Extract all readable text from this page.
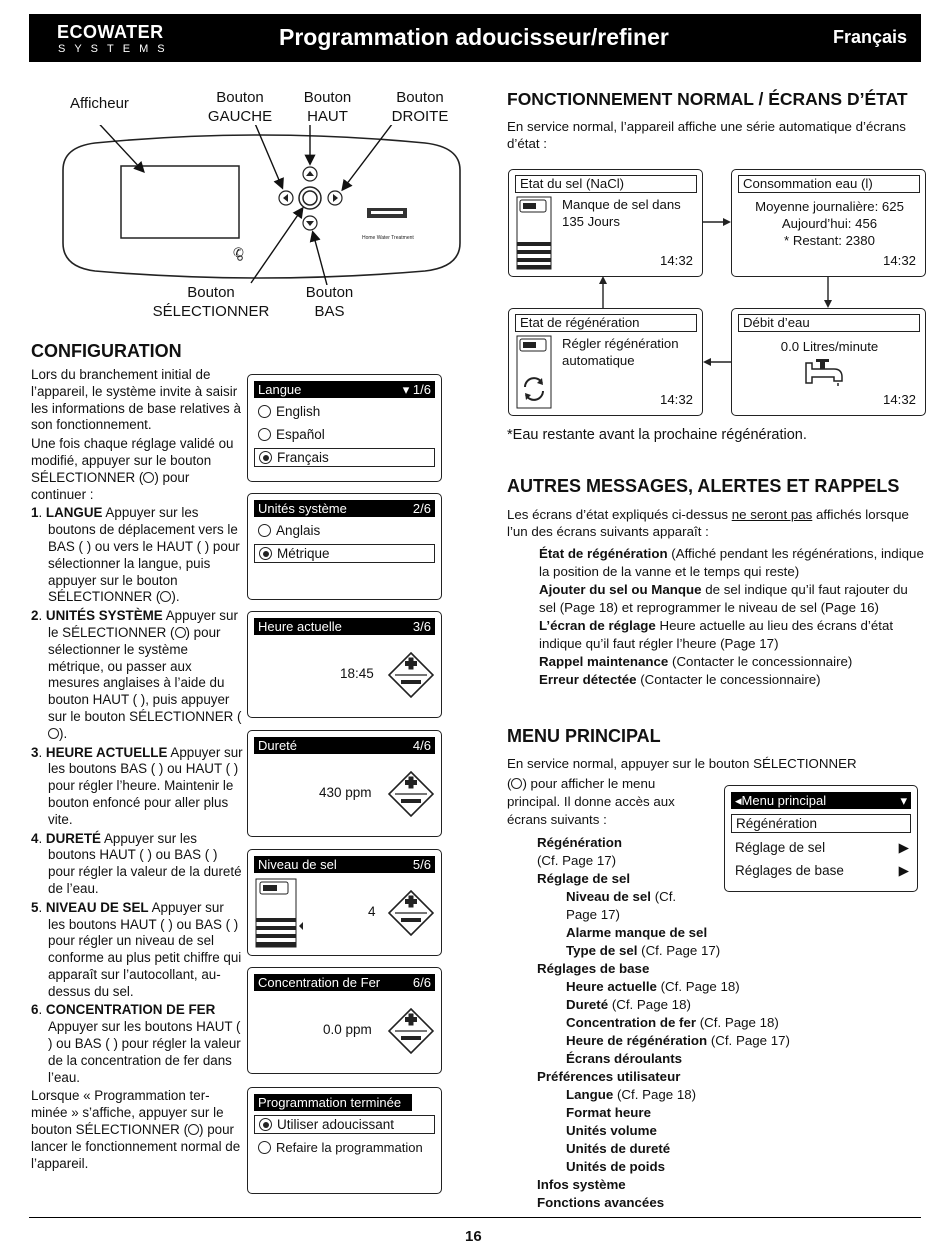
ECOWATER
SYSTEMS	Programmation adoucisseur/refiner	Français
Afficheur	Bouton
GAUCHE
Bouton
HAUT
Bouton
DROITE
Bouton
SÉLECTIONNER
Bouton
BAS
Home Water Treatment
✆
CONFIGURATION

Lors du branchement initial de l’appareil, le système invite à saisir les informations de base relatives à son fonctionnement.

Une fois chaque réglage validé ou modifié, appuyer sur le bouton SÉLECTIONNER ( ) pour continuer :

1. LANGUE Appuyer sur les boutons de déplacement vers le BAS ( ) ou vers le HAUT ( ) pour sélectionner la langue, puis appuyer sur le bouton SÉLECTIONNER ( ).

2. UNITÉS SYSTÈME Appuyer sur le SÉLECTIONNER ( ) pour sélectionner le système métrique, ou passer aux mesures anglaises à l’aide du bouton HAUT ( ), puis appuyer sur le bouton SÉLECTIONNER ().

3. HEURE ACTUELLE Appuyer sur les boutons BAS ( ) ou HAUT ( ) pour régler l’heure. Maintenir le bouton enfoncé pour aller plus vite.

4. DURETÉ Appuyer sur les boutons HAUT ( ) ou BAS ( ) pour régler la valeur de la dureté de l’eau.

5. NIVEAU DE SEL Appuyer sur les boutons HAUT ( ) ou BAS ( ) pour régler un niveau de sel conforme au plus petit chiffre qui apparaît sur l’autocollant, au-dessus du sel.

6. CONCENTRATION DE FER Appuyer sur les boutons HAUT ( ) ou BAS ( ) pour régler la valeur de la concentration de fer dans l’eau.

Lorsque « Programmation ter-minée » s’affiche, appuyer sur le bouton SÉLECTIONNER ( ) pour lancer le fonctionnement normal de l’appareil.

Langue	▾ 1/6
English
Español
Français
Unités système	2/6
Anglais
Métrique
Heure actuelle	3/6
18:45
Dureté	4/6
430 ppm
Niveau de sel	5/6
4
Concentration de Fer	6/6
0.0 ppm
Programmation terminée
Utiliser adoucissant
Refaire la programmation
FONCTIONNEMENT NORMAL / ÉCRANS D’ÉTAT
En service normal, l’appareil affiche une série automatique d’écrans d’état :
Etat du sel (NaCl)
Manque de sel dans
135 Jours
14:32
Consommation eau (l)
Moyenne journalière: 625
Aujourd’hui: 456
* Restant: 2380
14:32
Etat de régénération
Régler régénération
automatique
14:32
Débit d’eau
0.0 Litres/minute
14:32
*Eau restante avant la prochaine régénération.
AUTRES MESSAGES, ALERTES ET RAPPELS
Les écrans d’état expliqués ci-dessus ne seront pas affichés lorsque l’un des écrans suivants apparaît :
État de régénération (Affiché pendant les régénérations, indique la position de la vanne et le temps qui reste)
Ajouter du sel ou Manque de sel indique qu’il faut rajouter du sel (Page 18) et reprogrammer le niveau de sel (Page 16)
L’écran de réglage Heure actuelle au lieu des écrans d’état indique qu’il faut régler l’heure (Page 17)
Rappel maintenance (Contacter le concessionnaire)
Erreur détectée (Contacter le concessionnaire)
MENU PRINCIPAL
En service normal, appuyer sur le bouton SÉLECTIONNER
( ) pour afficher le menu principal. Il donne accès aux écrans suivants :
◂Menu principal	▾
Régénération
Réglage de sel	▶
Réglages de base	▶
Régénération
(Cf. Page 17)
Réglage de sel
Niveau de sel (Cf.
Page 17)
Alarme manque de sel
Type de sel (Cf. Page 17)
Réglages de base
Heure actuelle (Cf. Page 18)
Dureté (Cf. Page 18)
Concentration de fer (Cf. Page 18)
Heure de régénération (Cf. Page 17)
Écrans déroulants
Préférences utilisateur
Langue (Cf. Page 18)
Format heure
Unités volume
Unités de dureté
Unités de poids
Infos système
Fonctions avancées
16
